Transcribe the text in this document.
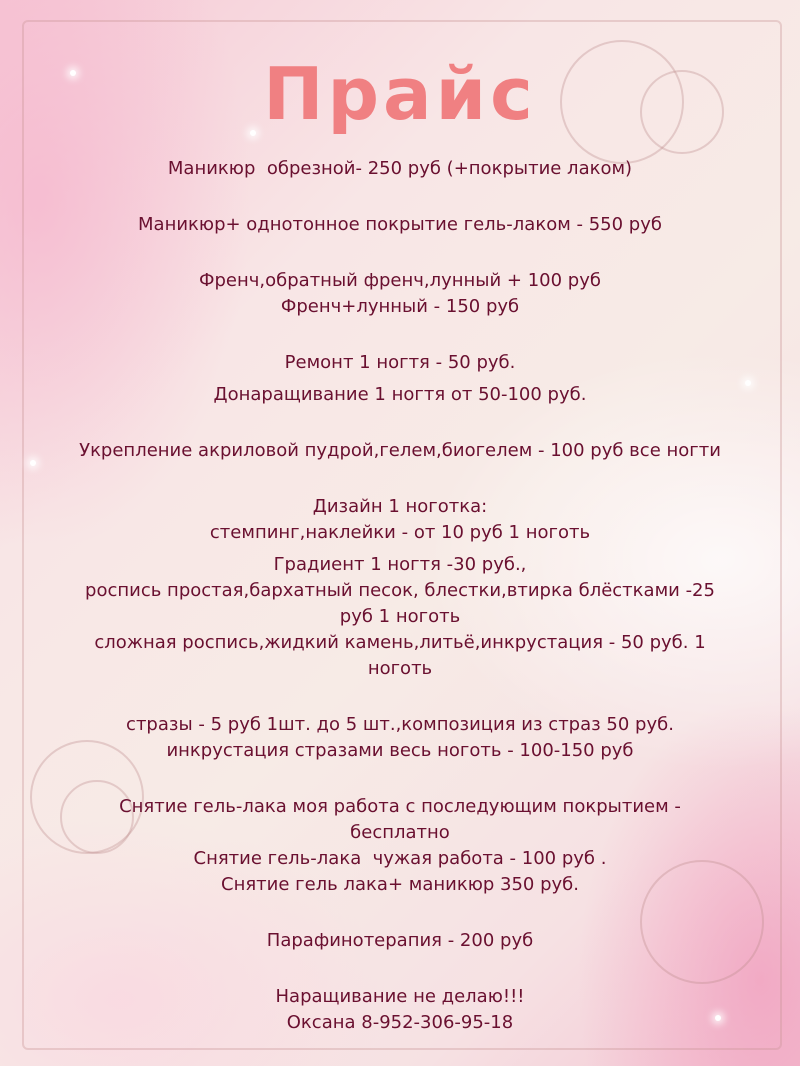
Прайс
Маникюр  обрезной- 250 руб (+покрытие лаком)
Маникюр+ однотонное покрытие гель-лаком - 550 руб
Френч,обратный френч,лунный + 100 руб
Френч+лунный - 150 руб
Ремонт 1 ногтя - 50 руб.
Донаращивание 1 ногтя от 50-100 руб.
Укрепление акриловой пудрой,гелем,биогелем - 100 руб все ногти
Дизайн 1 ноготка:
стемпинг,наклейки - от 10 руб 1 ноготь
Градиент 1 ногтя -30 руб.,
роспись простая,бархатный песок, блестки,втирка блёстками -25
руб 1 ноготь
сложная роспись,жидкий камень,литьё,инкрустация - 50 руб. 1
ноготь
стразы - 5 руб 1шт. до 5 шт.,композиция из страз 50 руб.
инкрустация стразами весь ноготь - 100-150 руб
Снятие гель-лака моя работа с последующим покрытием -
бесплатно
Снятие гель-лака  чужая работа - 100 руб .
Снятие гель лака+ маникюр 350 руб.
Парафинотерапия - 200 руб
Наращивание не делаю!!!
Оксана 8-952-306-95-18
